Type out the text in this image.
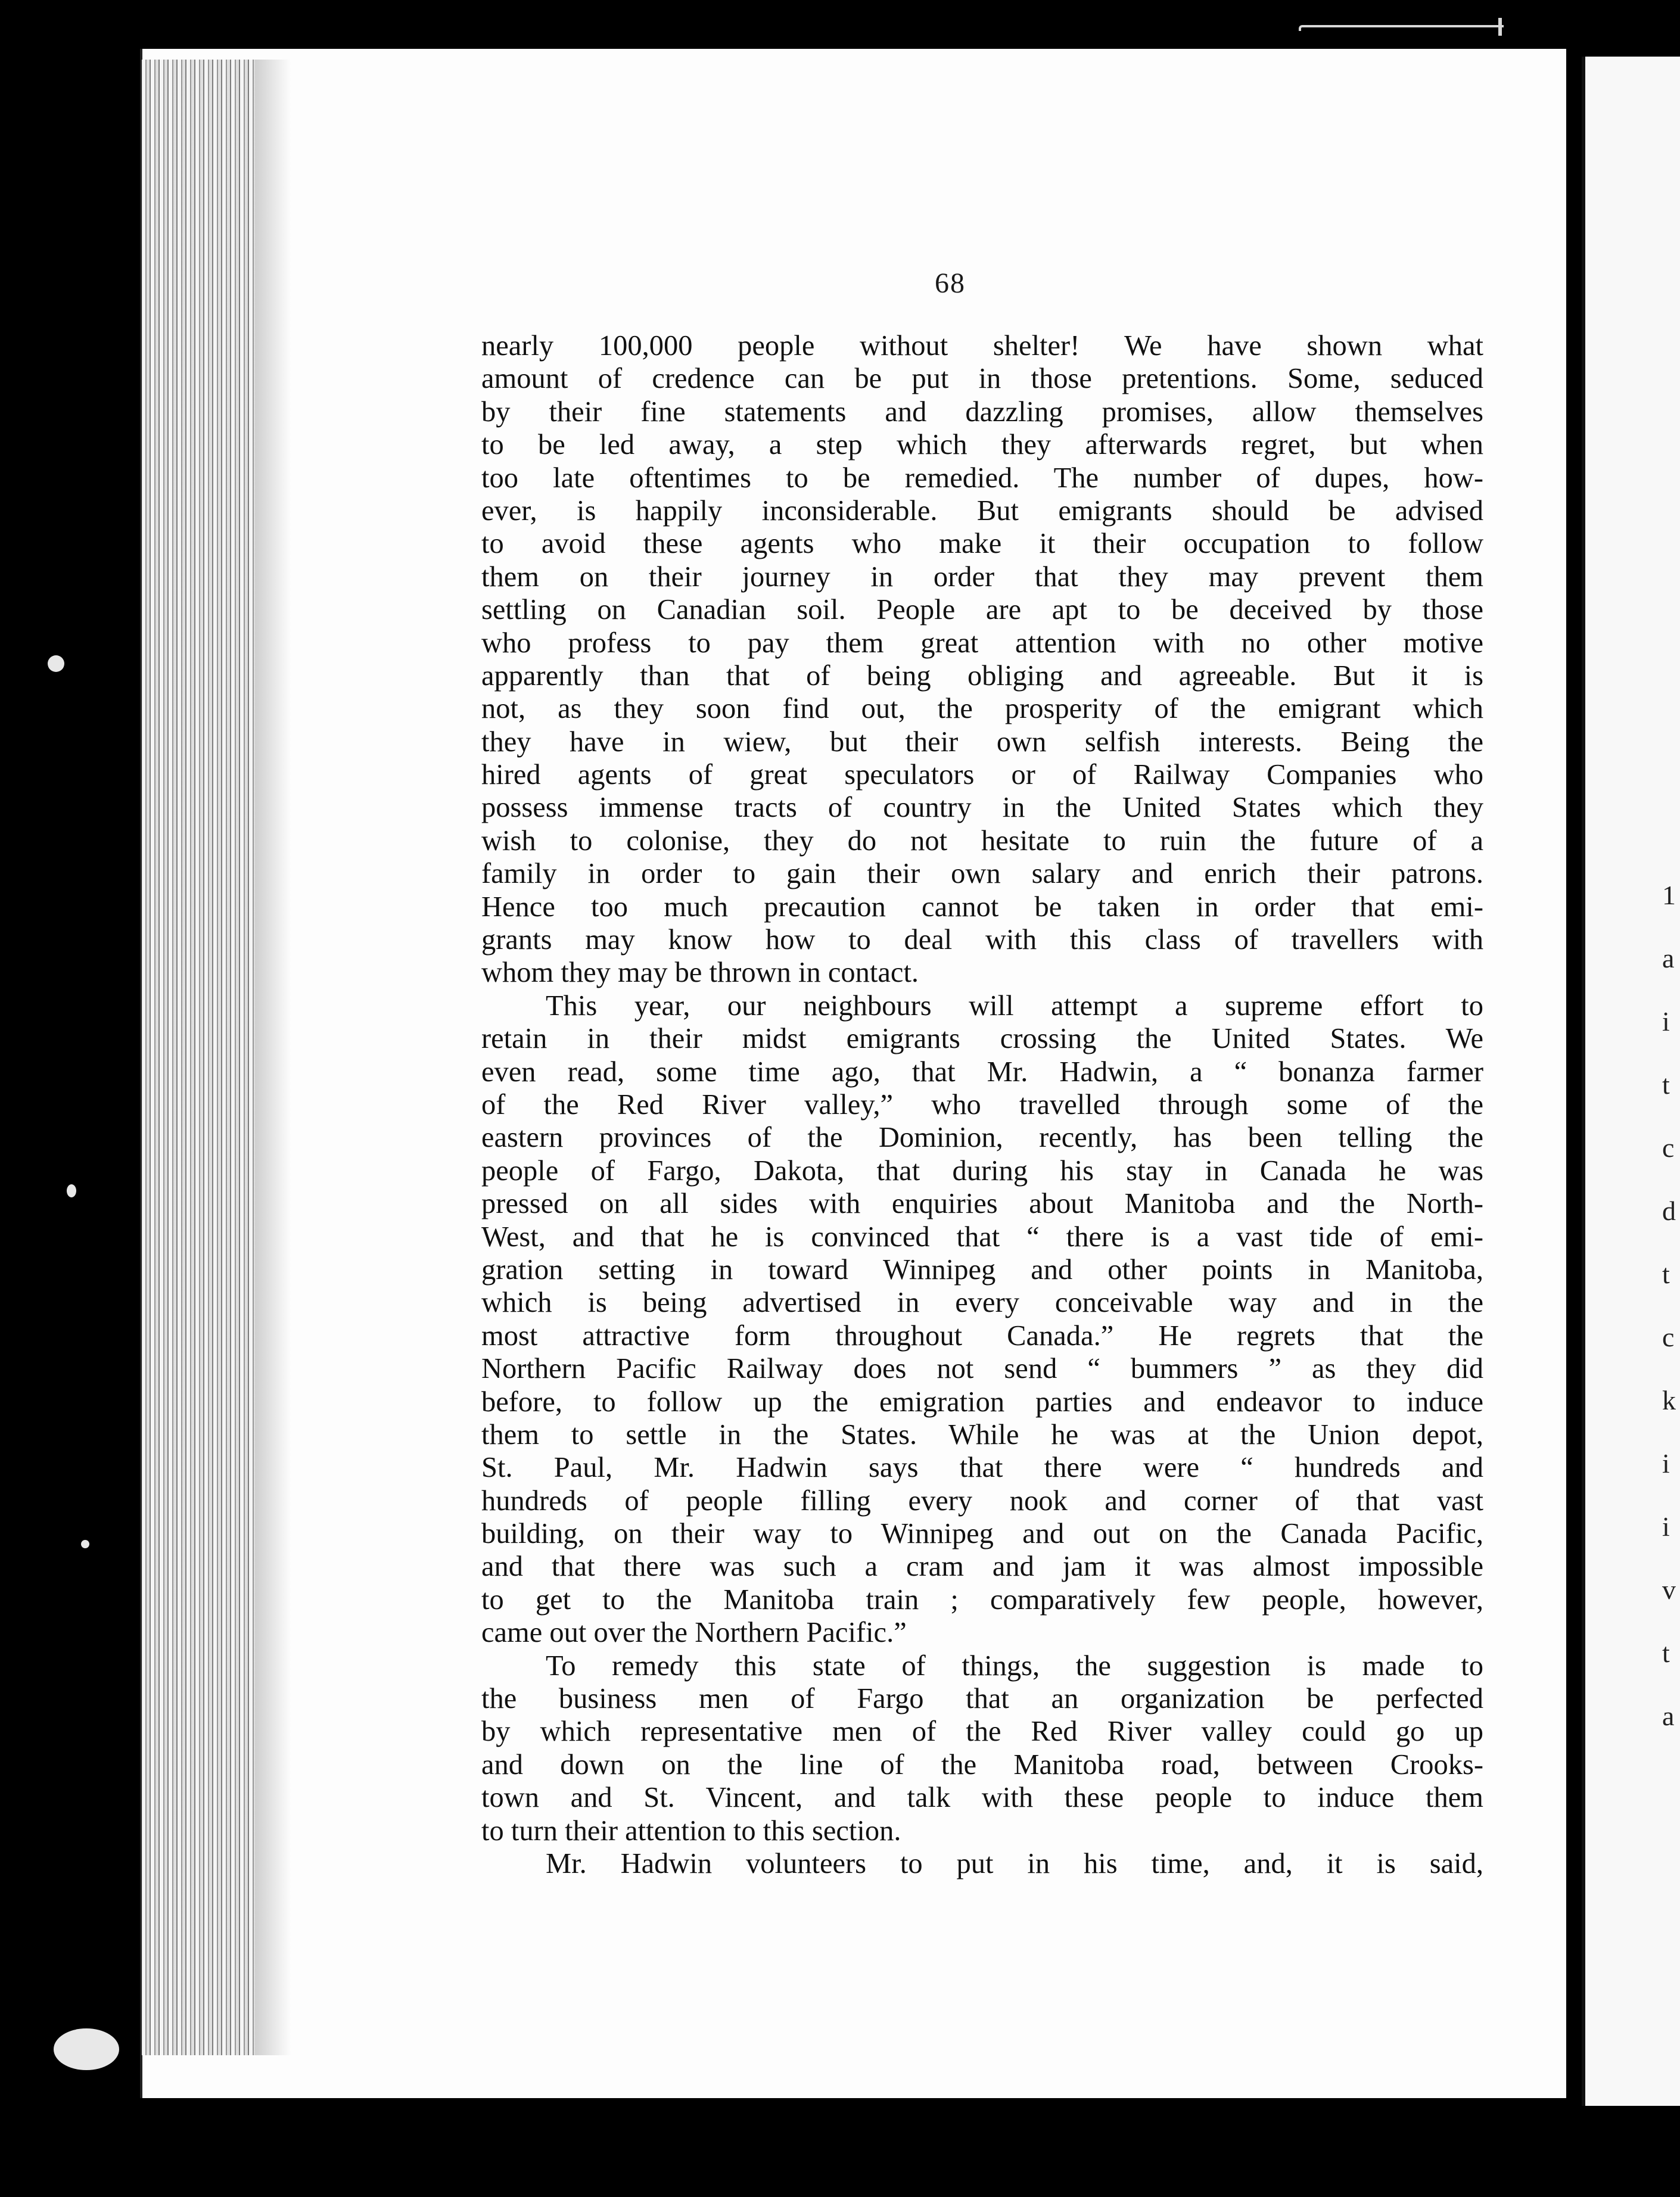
68
nearly 100,000 people without shelter! We have shown what
amount of credence can be put in those pretentions. Some, seduced
by their fine statements and dazzling promises, allow themselves
to be led away, a step which they afterwards regret, but when
too late oftentimes to be remedied. The number of dupes, how-
ever, is happily inconsiderable. But emigrants should be advised
to avoid these agents who make it their occupation to follow
them on their journey in order that they may prevent them
settling on Canadian soil. People are apt to be deceived by those
who profess to pay them great attention with no other motive
apparently than that of being obliging and agreeable. But it is
not, as they soon find out, the prosperity of the emigrant which
they have in wiew, but their own selfish interests. Being the
hired agents of great speculators or of Railway Companies who
possess immense tracts of country in the United States which they
wish to colonise, they do not hesitate to ruin the future of a
family in order to gain their own salary and enrich their patrons.
Hence too much precaution cannot be taken in order that emi-
grants may know how to deal with this class of travellers with
whom they may be thrown in contact.
This year, our neighbours will attempt a supreme effort to
retain in their midst emigrants crossing the United States. We
even read, some time ago, that Mr. Hadwin, a “ bonanza farmer
of the Red River valley,” who travelled through some of the
eastern provinces of the Dominion, recently, has been telling the
people of Fargo, Dakota, that during his stay in Canada he was
pressed on all sides with enquiries about Manitoba and the North-
West, and that he is convinced that “ there is a vast tide of emi-
gration setting in toward Winnipeg and other points in Manitoba,
which is being advertised in every conceivable way and in the
most attractive form throughout Canada.” He regrets that the
Northern Pacific Railway does not send “ bummers ” as they did
before, to follow up the emigration parties and endeavor to induce
them to settle in the States. While he was at the Union depot,
St. Paul, Mr. Hadwin says that there were “ hundreds and
hundreds of people filling every nook and corner of that vast
building, on their way to Winnipeg and out on the Canada Pacific,
and that there was such a cram and jam it was almost impossible
to get to the Manitoba train ; comparatively few people, however,
came out over the Northern Pacific.”
To remedy this state of things, the suggestion is made to
the business men of Fargo that an organization be perfected
by which representative men of the Red River valley could go up
and down on the line of the Manitoba road, between Crooks-
town and St. Vincent, and talk with these people to induce them
to turn their attention to this section.
Mr. Hadwin volunteers to put in his time, and, it is said,
1
a
i
t
c
d
t
c
k
i
i
v
t
a
